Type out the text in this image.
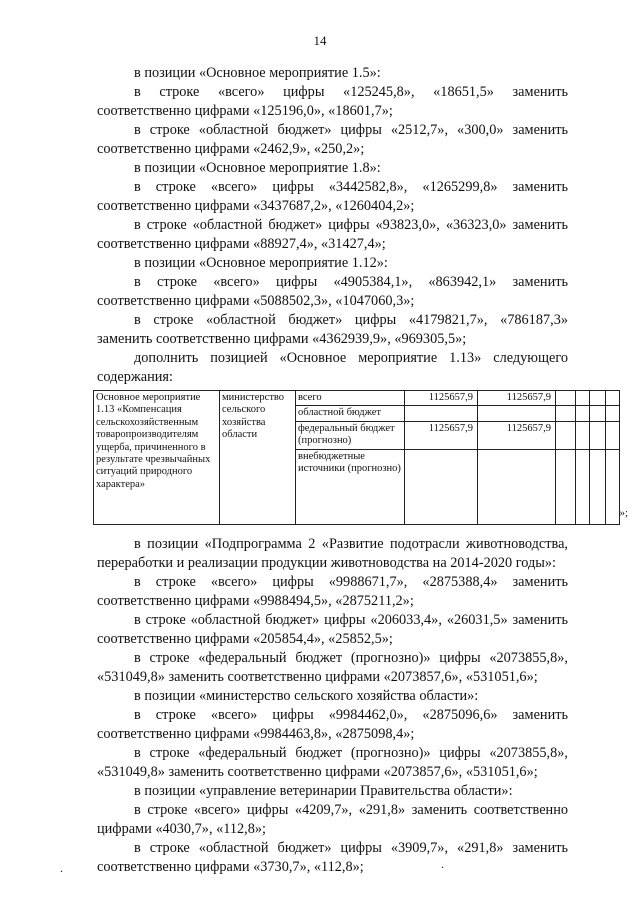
14

в позиции «Основное мероприятие 1.5»:

в строке «всего» цифры «125245,8», «18651,5» заменить соответственно цифрами «125196,0», «18601,7»;

в строке «областной бюджет» цифры «2512,7», «300,0» заменить соответственно цифрами «2462,9», «250,2»;

в позиции «Основное мероприятие 1.8»:

в строке «всего» цифры «3442582,8», «1265299,8» заменить соответственно цифрами «3437687,2», «1260404,2»;

в строке «областной бюджет» цифры «93823,0», «36323,0» заменить соответственно цифрами «88927,4», «31427,4»;

в позиции «Основное мероприятие 1.12»:

в строке «всего» цифры «4905384,1», «863942,1» заменить соответственно цифрами «5088502,3», «1047060,3»;

в строке «областной бюджет» цифры «4179821,7», «786187,3» заменить соответственно цифрами «4362939,9», «969305,5»;

дополнить позицией «Основное мероприятие 1.13» следующего содержания:

Основное мероприятие 1.13 «Компенсация сельскохозяйственным товаропроизводителям ущерба, причиненного в результате чрезвычайных ситуаций природного характера»	министерство сельского хозяйства области	всего	1125657,9	1125657,9				
		областной бюджет						
		федеральный бюджет (прогнозно)	1125657,9	1125657,9				
		внебюджетные источники (прогнозно)						
»;

в позиции «Подпрограмма 2 «Развитие подотрасли животноводства, переработки и реализации продукции животноводства на 2014-2020 годы»:

в строке «всего» цифры «9988671,7», «2875388,4» заменить соответственно цифрами «9988494,5», «2875211,2»;

в строке «областной бюджет» цифры «206033,4», «26031,5» заменить соответственно цифрами «205854,4», «25852,5»;

в строке «федеральный бюджет (прогнозно)» цифры «2073855,8», «531049,8» заменить соответственно цифрами «2073857,6», «531051,6»;

в позиции «министерство сельского хозяйства области»:

в строке «всего» цифры «9984462,0», «2875096,6» заменить соответственно цифрами «9984463,8», «2875098,4»;

в строке «федеральный бюджет (прогнозно)» цифры «2073855,8», «531049,8» заменить соответственно цифрами «2073857,6», «531051,6»;

в позиции «управление ветеринарии Правительства области»:

в строке «всего» цифры «4209,7», «291,8» заменить соответственно цифрами «4030,7», «112,8»;

в строке «областной бюджет» цифры «3909,7», «291,8» заменить соответственно цифрами «3730,7», «112,8»;

.	.
